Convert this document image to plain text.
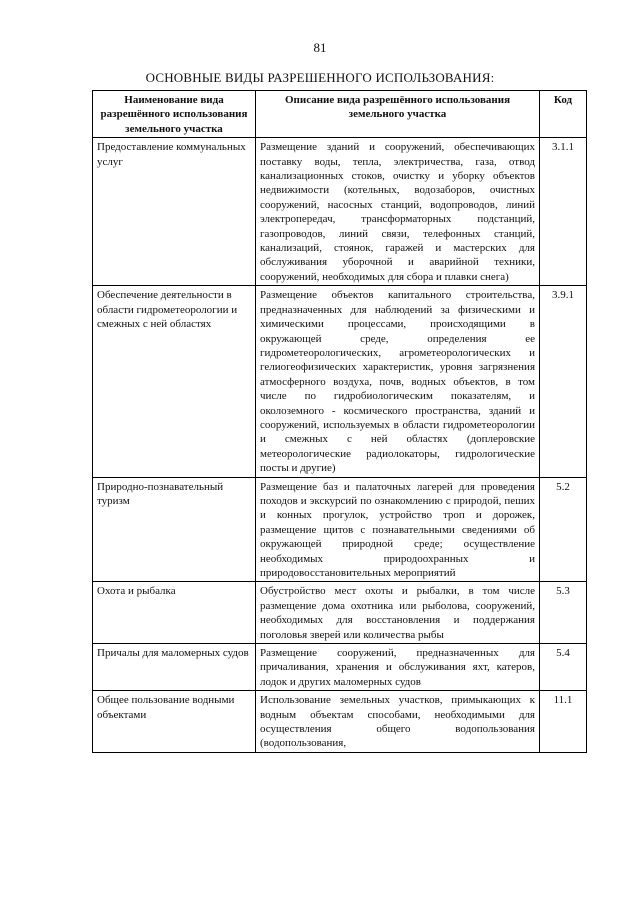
81
ОСНОВНЫЕ ВИДЫ РАЗРЕШЕННОГО ИСПОЛЬЗОВАНИЯ:
Наименование вида разрешённого использования земельного участка	Описание вида разрешённого использования земельного участка	Код
Предоставление коммунальных услуг	Размещение зданий и сооружений, обеспечивающих поставку воды, тепла, электричества, газа, отвод канализационных стоков, очистку и уборку объектов недвижимости (котельных, водозаборов, очистных сооружений, насосных станций, водопроводов, линий электропередач, трансформаторных подстанций, газопроводов, линий связи, телефонных станций, канализаций, стоянок, гаражей и мастерских для обслуживания уборочной и аварийной техники, сооружений, необходимых для сбора и плавки снега)	3.1.1
Обеспечение деятельности в области гидрометеорологии и смежных с ней областях	Размещение объектов капитального строительства, предназначенных для наблюдений за физическими и химическими процессами, происходящими в окружающей среде, определения ее гидрометеорологических, агрометеорологических и гелиогеофизических характеристик, уровня загрязнения атмосферного воздуха, почв, водных объектов, в том числе по гидробиологическим показателям, и околоземного - космического пространства, зданий и сооружений, используемых в области гидрометеорологии и смежных с ней областях (доплеровские метеорологические радиолокаторы, гидрологические посты и другие)	3.9.1
Природно-познавательный туризм	Размещение баз и палаточных лагерей для проведения походов и экскурсий по ознакомлению с природой, пеших и конных прогулок, устройство троп и дорожек, размещение щитов с познавательными сведениями об окружающей природной среде; осуществление необходимых природоохранных и природовосстановительных мероприятий	5.2
Охота и рыбалка	Обустройство мест охоты и рыбалки, в том числе размещение дома охотника или рыболова, сооружений, необходимых для восстановления и поддержания поголовья зверей или количества рыбы	5.3
Причалы для маломерных судов	Размещение сооружений, предназначенных для причаливания, хранения и обслуживания яхт, катеров, лодок и других маломерных судов	5.4
Общее пользование водными объектами	Использование земельных участков, примыкающих к водным объектам способами, необходимыми для осуществления общего водопользования (водопользования,	11.1
